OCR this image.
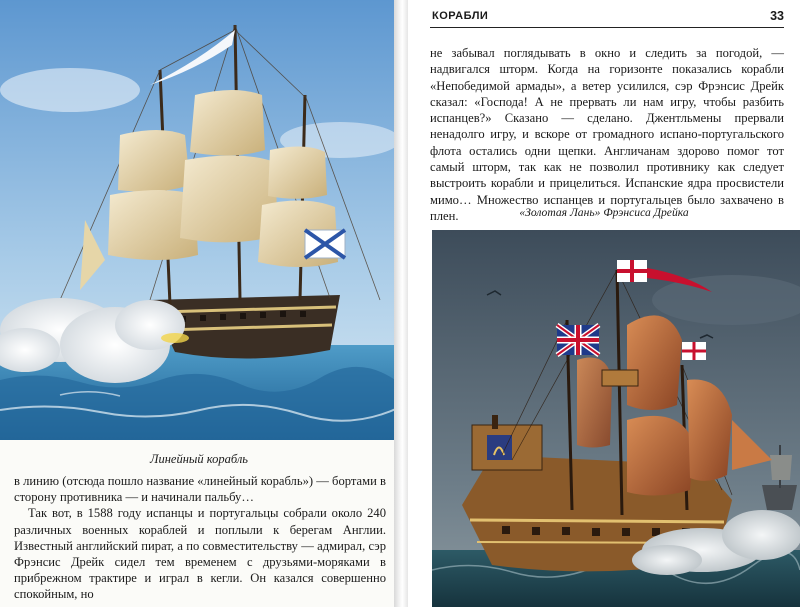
Линейный корабль

в линию (отсюда пошло название «линейный корабль») — бортами в сторону противника — и начинали пальбу…

Так вот, в 1588 году испанцы и португальцы собрали около 240 различных военных кораблей и поплыли к берегам Англии. Известный английский пират, а по совместительству — адмирал, сэр Фрэнсис Дрейк сидел тем временем с друзьями-моряками в прибрежном трактире и играл в кегли. Он казался совершенно спокойным, но

КОРАБЛИ	33

не забывал поглядывать в окно и следить за погодой, — надвигался шторм. Когда на горизонте показались корабли «Непобедимой армады», а ветер усилился, сэр Фрэнсис Дрейк сказал: «Господа! А не прервать ли нам игру, чтобы разбить испанцев?» Сказано — сделано. Джентльмены прервали ненадолго игру, и вскоре от громадного испано-португальского флота остались одни щепки. Англичанам здорово помог тот самый шторм, так как не позволил противнику как следует выстроить корабли и прицелиться. Испанские ядра просвистели мимо… Множество испанцев и португальцев было захвачено в плен.	«Золотая Лань» Фрэнсиса Дрейка
